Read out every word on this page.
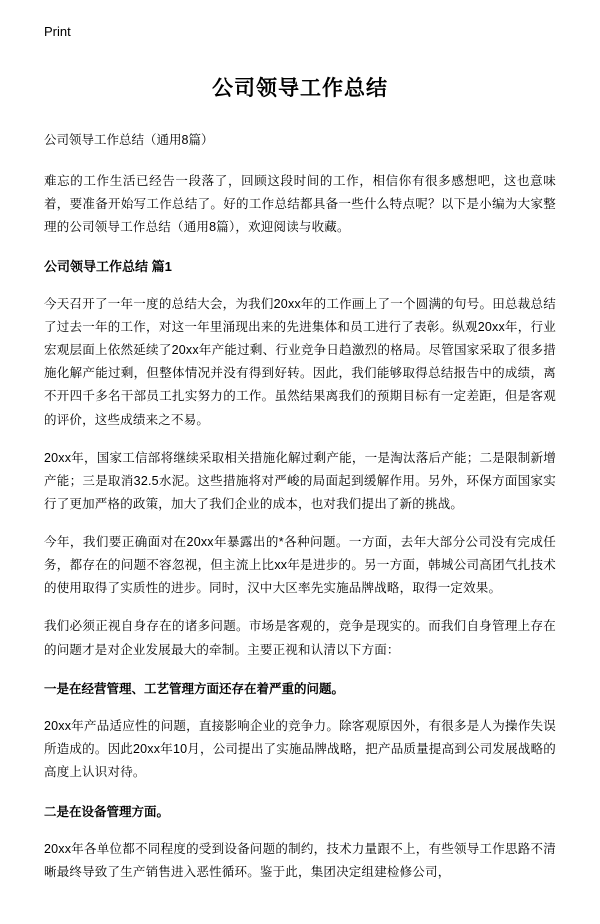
Print
公司领导工作总结
公司领导工作总结（通用8篇）

难忘的工作生活已经告一段落了，回顾这段时间的工作，相信你有很多感想吧，这也意味着，要准备开始写工作总结了。好的工作总结都具备一些什么特点呢？以下是小编为大家整理的公司领导工作总结（通用8篇），欢迎阅读与收藏。

公司领导工作总结 篇1

今天召开了一年一度的总结大会，为我们20xx年的工作画上了一个圆满的句号。田总裁总结了过去一年的工作，对这一年里涌现出来的先进集体和员工进行了表彰。纵观20xx年，行业宏观层面上依然延续了20xx年产能过剩、行业竞争日趋激烈的格局。尽管国家采取了很多措施化解产能过剩，但整体情况并没有得到好转。因此，我们能够取得总结报告中的成绩，离不开四千多名干部员工扎实努力的工作。虽然结果离我们的预期目标有一定差距，但是客观的评价，这些成绩来之不易。

20xx年，国家工信部将继续采取相关措施化解过剩产能，一是淘汰落后产能；二是限制新增产能；三是取消32.5水泥。这些措施将对严峻的局面起到缓解作用。另外，环保方面国家实行了更加严格的政策，加大了我们企业的成本，也对我们提出了新的挑战。

今年，我们要正确面对在20xx年暴露出的*各种问题。一方面，去年大部分公司没有完成任务，都存在的问题不容忽视，但主流上比xx年是进步的。另一方面，韩城公司高团气扎技术的使用取得了实质性的进步。同时，汉中大区率先实施品牌战略，取得一定效果。

我们必须正视自身存在的诸多问题。市场是客观的，竞争是现实的。而我们自身管理上存在的问题才是对企业发展最大的牵制。主要正视和认清以下方面：

一是在经营管理、工艺管理方面还存在着严重的问题。

20xx年产品适应性的问题，直接影响企业的竞争力。除客观原因外，有很多是人为操作失误所造成的。因此20xx年10月，公司提出了实施品牌战略，把产品质量提高到公司发展战略的高度上认识对待。

二是在设备管理方面。

20xx年各单位都不同程度的受到设备问题的制约，技术力量跟不上，有些领导工作思路不清晰最终导致了生产销售进入恶性循环。鉴于此，集团决定组建检修公司，
